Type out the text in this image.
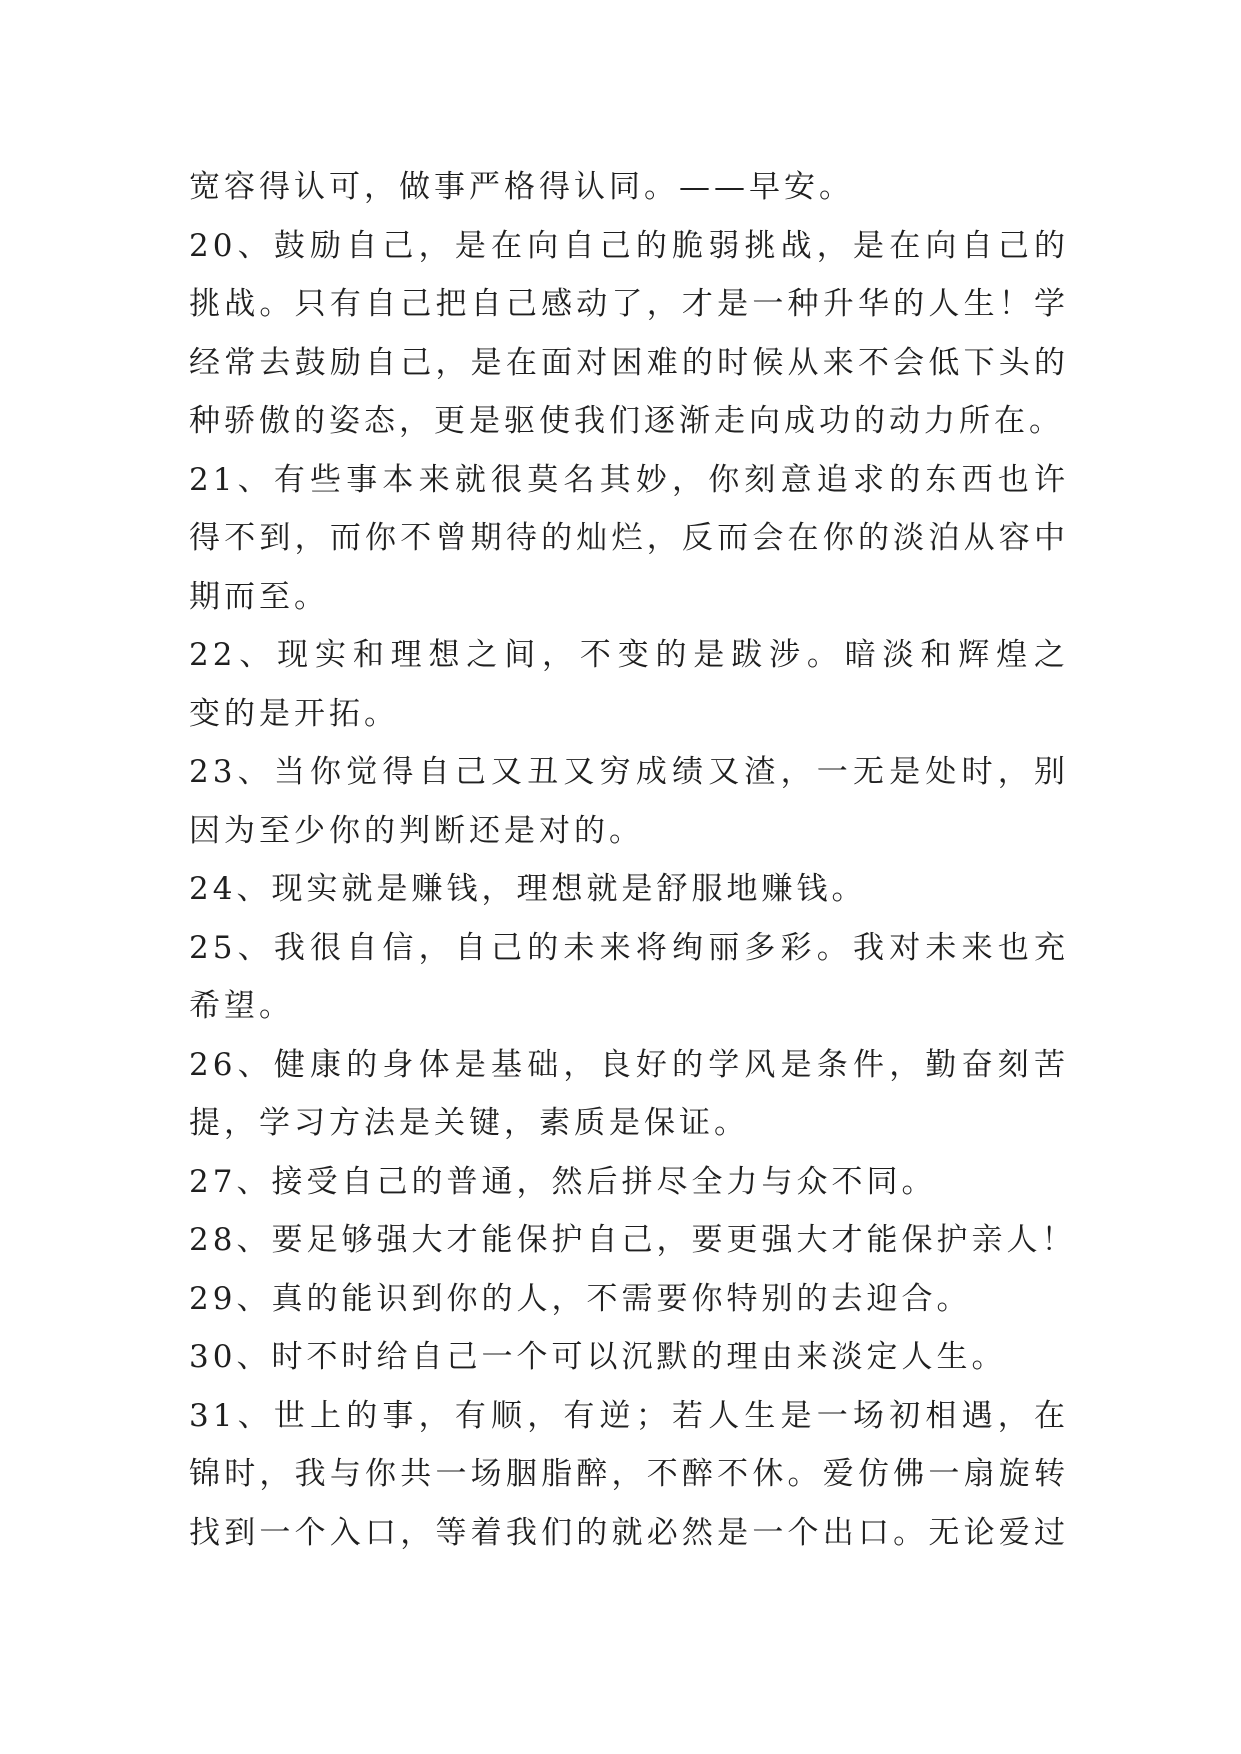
宽容得认可，做事严格得认同。——早安。
20、鼓励自己，是在向自己的脆弱挑战，是在向自己的
挑战。只有自己把自己感动了，才是一种升华的人生！学
经常去鼓励自己，是在面对困难的时候从来不会低下头的
种骄傲的姿态，更是驱使我们逐渐走向成功的动力所在。
21、有些事本来就很莫名其妙，你刻意追求的东西也许
得不到，而你不曾期待的灿烂，反而会在你的淡泊从容中
期而至。
22、现实和理想之间，不变的是跋涉。暗淡和辉煌之
变的是开拓。
23、当你觉得自己又丑又穷成绩又渣，一无是处时，别
因为至少你的判断还是对的。
24、现实就是赚钱，理想就是舒服地赚钱。
25、我很自信，自己的未来将绚丽多彩。我对未来也充
希望。
26、健康的身体是基础，良好的学风是条件，勤奋刻苦
提，学习方法是关键，素质是保证。
27、接受自己的普通，然后拼尽全力与众不同。
28、要足够强大才能保护自己，要更强大才能保护亲人！
29、真的能识到你的人，不需要你特别的去迎合。
30、时不时给自己一个可以沉默的理由来淡定人生。
31、世上的事，有顺，有逆；若人生是一场初相遇，在
锦时，我与你共一场胭脂醉，不醉不休。爱仿佛一扇旋转
找到一个入口，等着我们的就必然是一个出口。无论爱过
